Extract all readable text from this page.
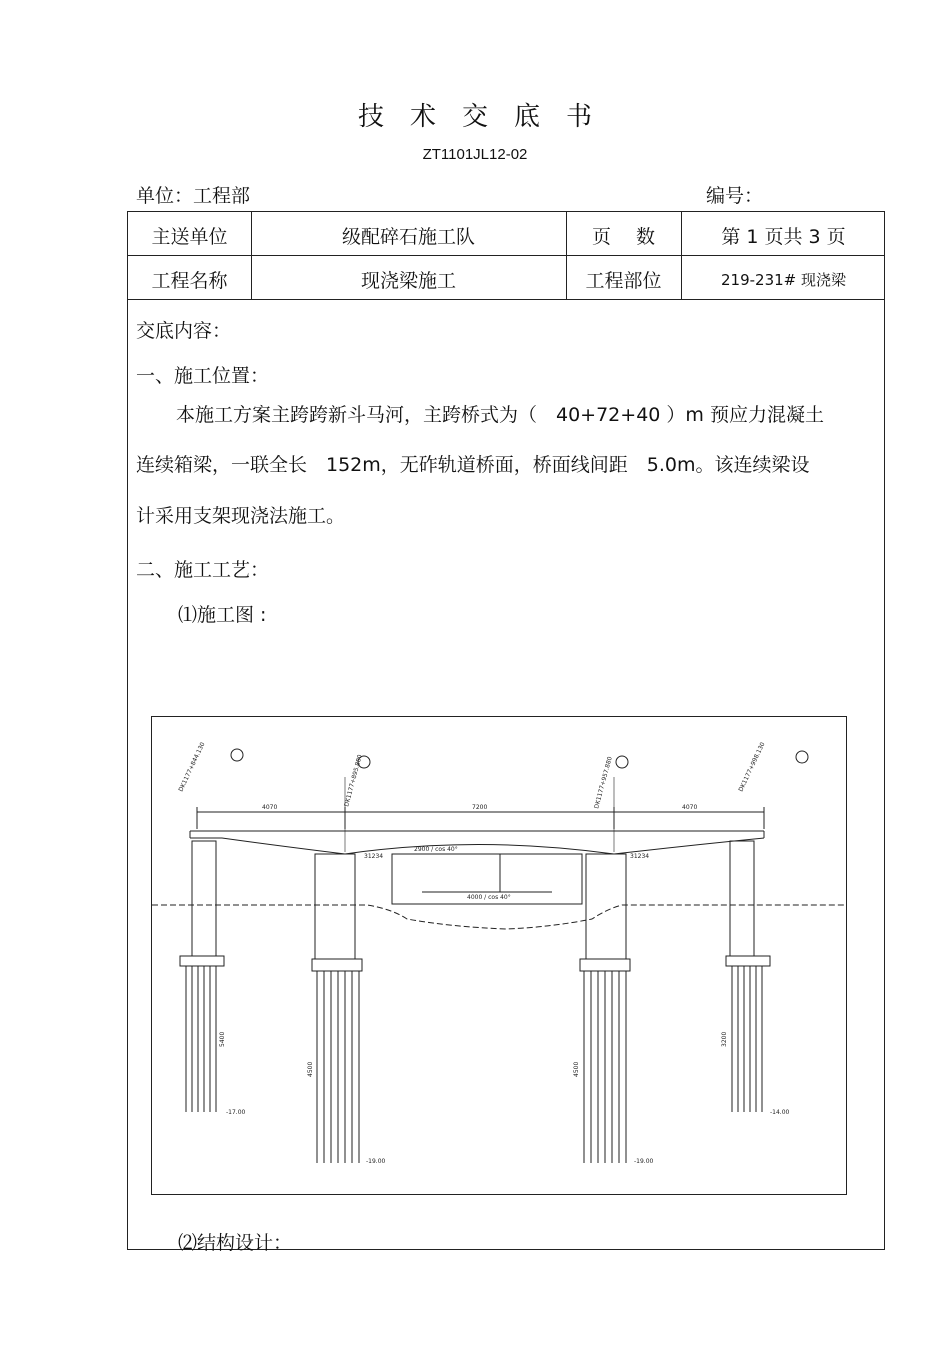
技 术 交 底 书
ZT1101JL12-02
单位：工程部	编号：
主送单位	级配碎石施工队	页　 数	第 1 页共 3 页
工程名称	现浇梁施工	工程部位	219-231# 现浇梁
交底内容：
一、施工位置：
本施工方案主跨跨新斗马河，主跨桥式为（　40+72+40 ）m 预应力混凝土
连续箱梁，一联全长　152m，无砟轨道桥面，桥面线间距　5.0m。该连续梁设
计采用支架现浇法施工。
二、施工工艺：
⑴施工图 :
⑵结构设计：
4070	7200	4070
2900 / cos 40°
4000 / cos 40°
31234	31234
-17.00
-19.00	-19.00
-14.00
DK1177+895.880	DK1177+957.880
DK1177+844.130	DK1177+998.130
5400
4500	4500
3200
